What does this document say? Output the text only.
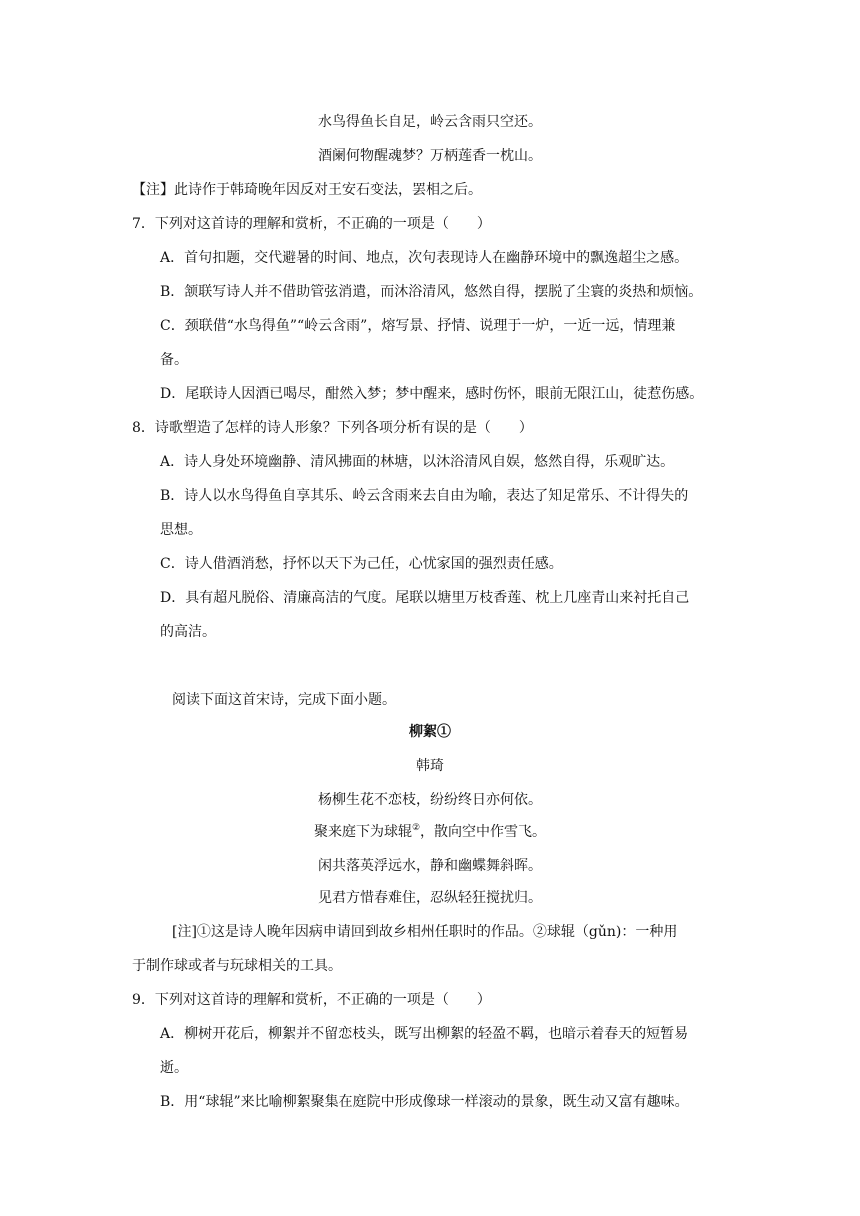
水鸟得鱼长自足，岭云含雨只空还。
酒阑何物醒魂梦？万柄莲香一枕山。
【注】此诗作于韩琦晚年因反对王安石变法，罢相之后。
7．下列对这首诗的理解和赏析，不正确的一项是（　　）
A．首句扣题，交代避暑的时间、地点，次句表现诗人在幽静环境中的飘逸超尘之感。
B．颔联写诗人并不借助管弦消遣，而沐浴清风，悠然自得，摆脱了尘寰的炎热和烦恼。
C．颈联借“水鸟得鱼”“岭云含雨”，熔写景、抒情、说理于一炉，一近一远，情理兼
备。
D．尾联诗人因酒已喝尽，酣然入梦；梦中醒来，感时伤怀，眼前无限江山，徒惹伤感。
8．诗歌塑造了怎样的诗人形象？下列各项分析有误的是（　　）
A．诗人身处环境幽静、清风拂面的林塘，以沐浴清风自娱，悠然自得，乐观旷达。
B．诗人以水鸟得鱼自享其乐、岭云含雨来去自由为喻，表达了知足常乐、不计得失的
思想。
C．诗人借酒消愁，抒怀以天下为己任，心忧家国的强烈责任感。
D．具有超凡脱俗、清廉高洁的气度。尾联以塘里万枝香莲、枕上几座青山来衬托自己
的高洁。
阅读下面这首宋诗，完成下面小题。
柳絮①
韩琦
杨柳生花不恋枝，纷纷终日亦何依。
聚来庭下为球辊②，散向空中作雪飞。
闲共落英浮远水，静和幽蝶舞斜晖。
见君方惜春难住，忍纵轻狂搅扰归。
[注]①这是诗人晚年因病申请回到故乡相州任职时的作品。②球辊（gǔn)：一种用
于制作球或者与玩球相关的工具。
9．下列对这首诗的理解和赏析，不正确的一项是（　　）
A．柳树开花后，柳絮并不留恋枝头，既写出柳絮的轻盈不羁，也暗示着春天的短暂易
逝。
B．用“球辊”来比喻柳絮聚集在庭院中形成像球一样滚动的景象，既生动又富有趣味。
